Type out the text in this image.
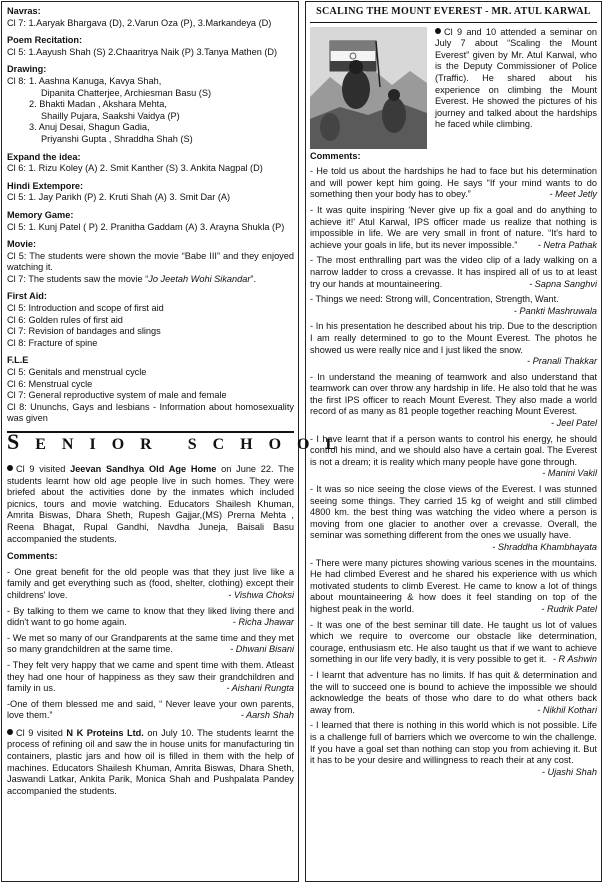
Navras:

Cl 7: 1.Aaryak Bhargava (D), 2.Varun Oza (P), 3.Markandeya (D)

Poem Recitation:

Cl 5: 1.Aayush Shah (S) 2.Chaaritrya Naik (P) 3.Tanya Mathen (D)

Drawing:
Cl 8: 1. Aashna Kanuga, Kavya Shah,

Dipanita Chatterjee, Archiesman Basu (S)

2. Bhakti Madan , Akshara Mehta,

Shailly Pujara, Saakshi Vaidya (P)

3. Anuj Desai, Shagun Gadia,

Priyanshi Gupta , Shraddha Shah (S)

Expand the idea:

Cl 6: 1. Rizu Koley (A) 2. Smit Kanther (S) 3. Ankita Nagpal (D)

Hindi Extempore:

Cl 5: 1. Jay Parikh (P) 2. Kruti Shah (A) 3. Smit Dar (A)

Memory Game:

Cl 5: 1. Kunj Patel ( P) 2. Pranitha Gaddam (A) 3. Arayna Shukla (P)

Movie:

Cl 5: The students were shown the movie “Babe III” and they enjoyed watching it.

Cl 7: The students saw the movie “Jo Jeetah Wohi Sikandar”.

First Aid:

Cl 5: Introduction and scope of first aid

Cl 6: Golden rules of first aid

Cl 7: Revision of bandages and slings

Cl 8: Fracture of spine

F.L.E

Cl 5: Genitals and menstrual cycle

Cl 6: Menstrual cycle

Cl 7: General reproductive system of male and female

Cl 8: Ununchs, Gays and lesbians - Information about homosexuality was given

SENIOR SCHOOL

Cl 9 visited Jeevan Sandhya Old Age Home on June 22. The students learnt how old age people live in such homes. They were briefed about the activities done by the inmates which included picnics, tours and movie watching. Educators Shailesh Khuman, Amrita Biswas, Dhara Sheth, Rupesh Gajjar,(MS) Prerna Mehta , Reena Bhagat, Rupal Gandhi, Navdha Juneja, Baisali Basu accompanied the students.

Comments:
- One great benefit for the old people was that they just live like a family and get everything such as (food, shelter, clothing) except their childrens' love.	- Vishwa Choksi
- By talking to them we came to know that they liked living there and didn't want to go home again.	- Richa Jhawar
- We met so many of our Grandparents at the same time and they met so many grandchildren at the same time.	- Dhwani Bisani
- They felt very happy that we came and spent time with them. Atleast they had one hour of happiness as they saw their grandchildren and family in us.	- Aishani Rungta
-One of them blessed me and said, “ Never leave your own parents, love them.”	- Aarsh Shah

Cl 9 visited N K Proteins Ltd. on July 10. The students learnt the process of refining oil and saw the in house units for manufacturing tin containers, plastic jars and how oil is filled in them with the help of machines. Educators Shailesh Khuman, Amrita Biswas, Dhara Sheth, Jaswandi Latkar, Ankita Parik, Monica Shah and Pushpalata Pandey accompanied the students.

SCALING THE MOUNT EVEREST - MR. ATUL KARWAL

Cl 9 and 10 attended a seminar on July 7 about “Scaling the Mount Everest” given by Mr. Atul Karwal, who is the Deputy Commissioner of Police (Traffic). He shared about his experience on climbing the Mount Everest. He showed the pictures of his journey and talked about the hardships he faced while climbing.

Comments:
- He told us about the hardships he had to face but his determination and will power kept him going. He says “If your mind wants to do something then your body has to obey.”	- Meet Jetly
- It was quite inspiring 'Never give up fix a goal and do anything to achieve it!' Atul Karwal, IPS officer made us realize that nothing is impossible in life. We are very small in front of nature. “It's hard to achieve your goals in life, but its never impossible.”	- Netra Pathak
- The most enthralling part was the video clip of a lady walking on a narrow ladder to cross a crevasse. It has inspired all of us to at least try our hands at mountaineering.	- Sapna Sanghvi
- Things we need: Strong will, Concentration, Strength, Want.
- Pankti Mashruwala
- In his presentation he described about his trip. Due to the description I am really determined to go to the Mount Everest. The photos he showed us were really nice and I just liked the snow.
- Pranali Thakkar
- In understand the meaning of teamwork and also understand that teamwork can over throw any hardship in life. He also told that he was the first IPS officer to reach Mount Everest. They also made a world record of as many as 81 people together reaching Mount Everest.
- Jeel Patel
- I have learnt that if a person wants to control his energy, he should control his mind, and we should also have a certain goal. The Everest is not a dream; it is reality which many people have gone through.
- Manini Vakil
- It was so nice seeing the close views of the Everest. I was stunned seeing some things. They carried 15 kg of weight and still climbed 4800 km. the best thing was watching the video where a person is moving from one glacier to another over a crevasse. Overall, the seminar was something different from the ones we usually have.
- Shraddha Khambhayata
- There were many pictures showing various scenes in the mountains. He had climbed Everest and he shared his experience with us which motivated students to climb Everest. He came to know a lot of things about mountaineering & how does it feel standing on top of the highest peak in the world.	- Rudrik Patel
- It was one of the best seminar till date. He taught us lot of values which we require to overcome our obstacle like determination, courage, enthusiasm etc. He also taught us that if we want to achieve something in our life very badly, it is very possible to get it. - R Ashwin
- I learnt that adventure has no limits. If has quit & determination and the will to succeed one is bound to achieve the impossible we should acknowledge the beats of those who dare to do what others back away from.	- Nikhil Kothari
- I learned that there is nothing in this world which is not possible. Life is a challenge full of barriers which we overcome to win the challenge. If you have a goal set than nothing can stop you from achieving it. But it has to be your desire and willingness to reach their at any cost.
- Ujashi Shah
